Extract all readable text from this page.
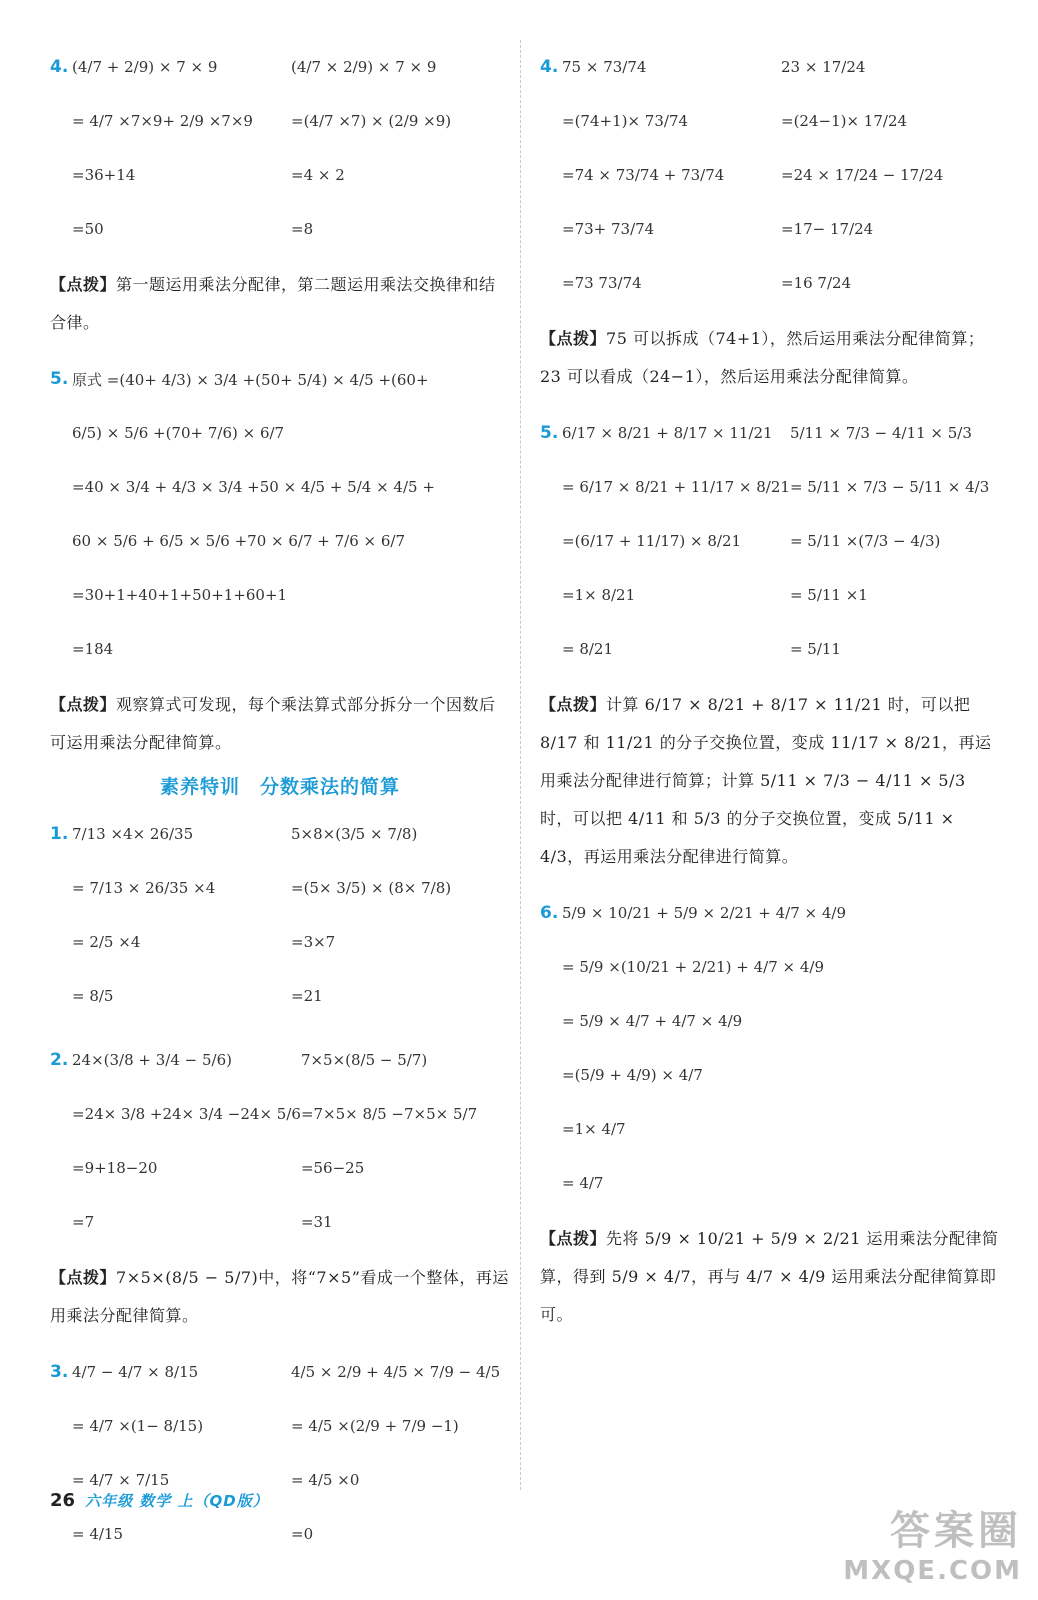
4. (4/7 + 2/9) × 7 × 9
= 4/7 ×7×9+ 2/9 ×7×9
=36+14
=50
(4/7 × 2/9) × 7 × 9
=(4/7 ×7) × (2/9 ×9)
=4 × 2
=8
【点拨】第一题运用乘法分配律，第二题运用乘法交换律和结合律。
5. 原式 =(40+ 4/3) × 3/4 +(50+ 5/4) × 4/5 +(60+
6/5) × 5/6 +(70+ 7/6) × 6/7
=40 × 3/4 + 4/3 × 3/4 +50 × 4/5 + 5/4 × 4/5 +
60 × 5/6 + 6/5 × 5/6 +70 × 6/7 + 7/6 × 6/7
=30+1+40+1+50+1+60+1
=184
【点拨】观察算式可发现，每个乘法算式部分拆分一个因数后可运用乘法分配律简算。
素养特训　分数乘法的简算
1. 7/13 ×4× 26/35
= 7/13 × 26/35 ×4
= 2/5 ×4
= 8/5
5×8×(3/5 × 7/8)
=(5× 3/5) × (8× 7/8)
=3×7
=21
2. 24×(3/8 + 3/4 − 5/6)
=24× 3/8 +24× 3/4 −24× 5/6
=9+18−20
=7
7×5×(8/5 − 5/7)
=7×5× 8/5 −7×5× 5/7
=56−25
=31
【点拨】7×5×(8/5 − 5/7)中，将“7×5”看成一个整体，再运用乘法分配律简算。
3. 4/7 − 4/7 × 8/15
= 4/7 ×(1− 8/15)
= 4/7 × 7/15
= 4/15
4/5 × 2/9 + 4/5 × 7/9 − 4/5
= 4/5 ×(2/9 + 7/9 −1)
= 4/5 ×0
=0
4. 75 × 73/74
=(74+1)× 73/74
=74 × 73/74 + 73/74
=73+ 73/74
=73 73/74
23 × 17/24
=(24−1)× 17/24
=24 × 17/24 − 17/24
=17− 17/24
=16 7/24
【点拨】75 可以拆成（74+1），然后运用乘法分配律简算；23 可以看成（24−1），然后运用乘法分配律简算。
5. 6/17 × 8/21 + 8/17 × 11/21
= 6/17 × 8/21 + 11/17 × 8/21
=(6/17 + 11/17) × 8/21
=1× 8/21
= 8/21
5/11 × 7/3 − 4/11 × 5/3
= 5/11 × 7/3 − 5/11 × 4/3
= 5/11 ×(7/3 − 4/3)
= 5/11 ×1
= 5/11
【点拨】计算 6/17 × 8/21 + 8/17 × 11/21 时，可以把 8/17 和 11/21 的分子交换位置，变成 11/17 × 8/21，再运用乘法分配律进行简算；计算 5/11 × 7/3 − 4/11 × 5/3 时，可以把 4/11 和 5/3 的分子交换位置，变成 5/11 × 4/3，再运用乘法分配律进行简算。
6. 5/9 × 10/21 + 5/9 × 2/21 + 4/7 × 4/9
= 5/9 ×(10/21 + 2/21) + 4/7 × 4/9
= 5/9 × 4/7 + 4/7 × 4/9
=(5/9 + 4/9) × 4/7
=1× 4/7
= 4/7
【点拨】先将 5/9 × 10/21 + 5/9 × 2/21 运用乘法分配律简算，得到 5/9 × 4/7，再与 4/7 × 4/9 运用乘法分配律简算即可。
26 六年级 数学 上（QD版）
答案圈
MXQE.COM
